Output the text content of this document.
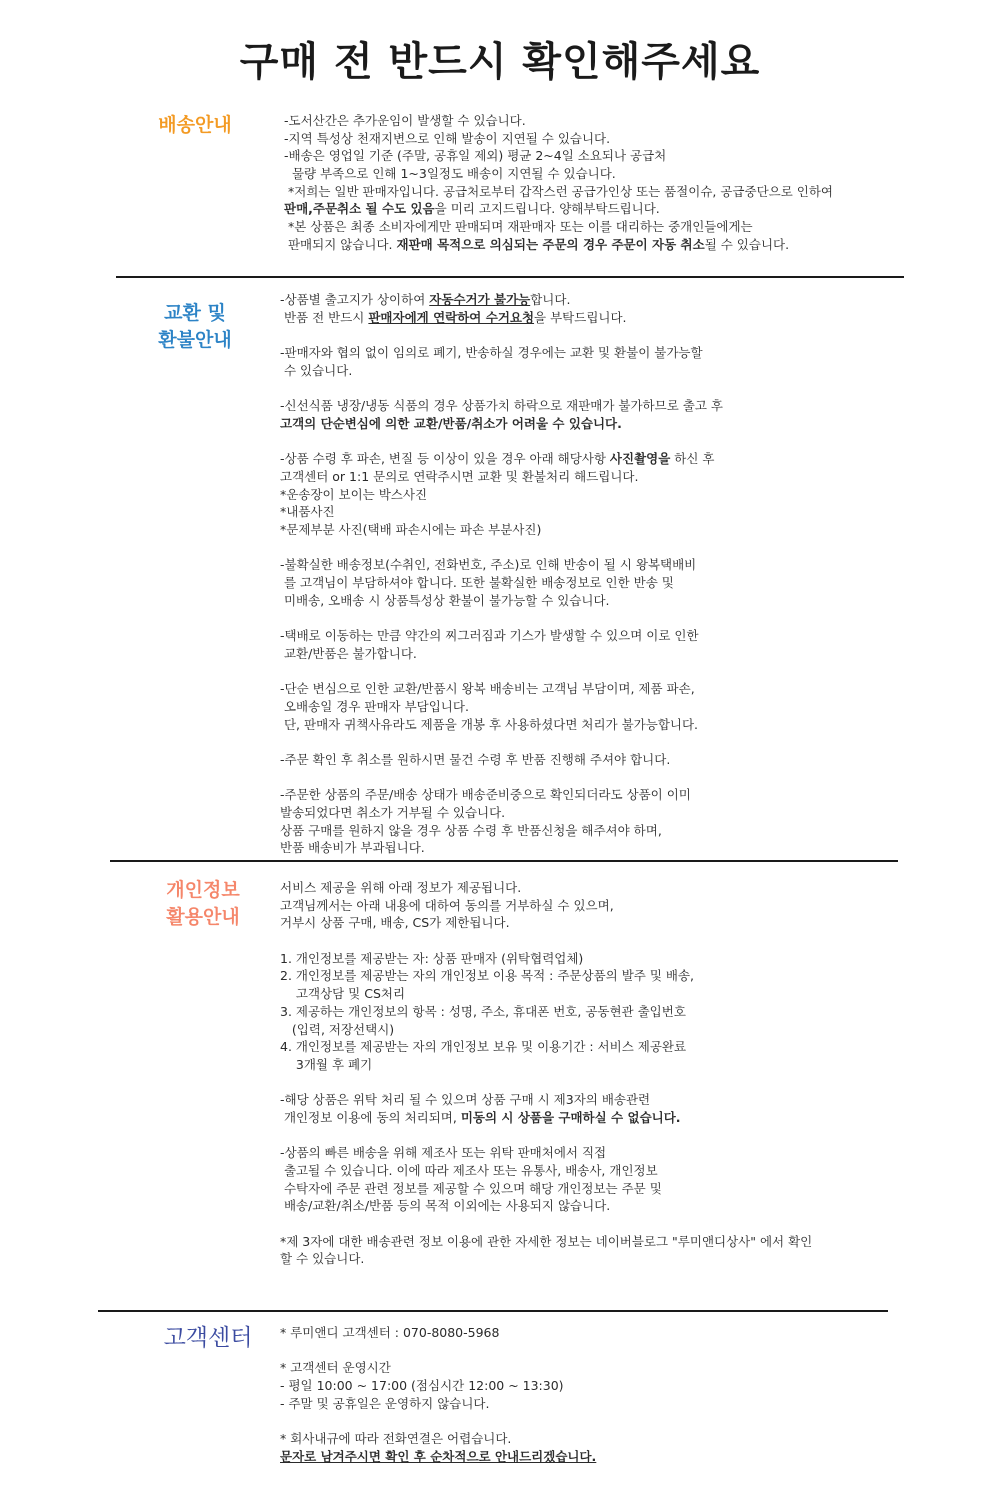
구매 전 반드시 확인해주세요
배송안내	-도서산간은 추가운임이 발생할 수 있습니다.
-지역 특성상 천재지변으로 인해 발송이 지연될 수 있습니다.
-배송은 영업일 기준 (주말, 공휴일 제외) 평균 2~4일 소요되나 공급처
물량 부족으로 인해 1~3일정도 배송이 지연될 수 있습니다.
*저희는 일반 판매자입니다. 공급처로부터 갑작스런 공급가인상 또는 품절이슈, 공급중단으로 인하여
판매,주문취소 될 수도 있음을 미리 고지드립니다. 양해부탁드립니다.
*본 상품은 최종 소비자에게만 판매되며 재판매자 또는 이를 대리하는 중개인들에게는
판매되지 않습니다. 재판매 목적으로 의심되는 주문의 경우 주문이 자동 취소될 수 있습니다.
교환 및
환불안내
-상품별 출고지가 상이하여 자동수거가 불가능합니다.
반품 전 반드시 판매자에게 연락하여 수거요청을 부탁드립니다.
-판매자와 협의 없이 임의로 폐기, 반송하실 경우에는 교환 및 환불이 불가능할
수 있습니다.
-신선식품 냉장/냉동 식품의 경우 상품가치 하락으로 재판매가 불가하므로 출고 후
고객의 단순변심에 의한 교환/반품/취소가 어려울 수 있습니다.
-상품 수령 후 파손, 변질 등 이상이 있을 경우 아래 해당사항 사진촬영을 하신 후
고객센터 or 1:1 문의로 연락주시면 교환 및 환불처리 해드립니다.
*운송장이 보이는 박스사진
*내품사진
*문제부분 사진(택배 파손시에는 파손 부분사진)
-불확실한 배송정보(수취인, 전화번호, 주소)로 인해 반송이 될 시 왕복택배비
를 고객님이 부담하셔야 합니다. 또한 불확실한 배송정보로 인한 반송 및
미배송, 오배송 시 상품특성상 환불이 불가능할 수 있습니다.
-택배로 이동하는 만큼 약간의 찌그러짐과 기스가 발생할 수 있으며 이로 인한
교환/반품은 불가합니다.
-단순 변심으로 인한 교환/반품시 왕복 배송비는 고객님 부담이며, 제품 파손,
오배송일 경우 판매자 부담입니다.
단, 판매자 귀책사유라도 제품을 개봉 후 사용하셨다면 처리가 불가능합니다.
-주문 확인 후 취소를 원하시면 물건 수령 후 반품 진행해 주셔야 합니다.
-주문한 상품의 주문/배송 상태가 배송준비중으로 확인되더라도 상품이 이미
발송되었다면 취소가 거부될 수 있습니다.
상품 구매를 원하지 않을 경우 상품 수령 후 반품신청을 해주셔야 하며,
반품 배송비가 부과됩니다.
개인정보
활용안내
서비스 제공을 위해 아래 정보가 제공됩니다.
고객님께서는 아래 내용에 대하여 동의를 거부하실 수 있으며,
거부시 상품 구매, 배송, CS가 제한됩니다.
1. 개인정보를 제공받는 자: 상품 판매자 (위탁협력업체)
2. 개인정보를 제공받는 자의 개인정보 이용 목적 : 주문상품의 발주 및 배송,
고객상담 및 CS처리
3. 제공하는 개인정보의 항목 : 성명, 주소, 휴대폰 번호, 공동현관 출입번호
(입력, 저장선택시)
4. 개인정보를 제공받는 자의 개인정보 보유 및 이용기간 : 서비스 제공완료
3개월 후 폐기
-해당 상품은 위탁 처리 될 수 있으며 상품 구매 시 제3자의 배송관련
개인정보 이용에 동의 처리되며, 미동의 시 상품을 구매하실 수 없습니다.
-상품의 빠른 배송을 위해 제조사 또는 위탁 판매처에서 직접
출고될 수 있습니다. 이에 따라 제조사 또는 유통사, 배송사, 개인정보
수탁자에 주문 관련 정보를 제공할 수 있으며 해당 개인정보는 주문 및
배송/교환/취소/반품 등의 목적 이외에는 사용되지 않습니다.
*제 3자에 대한 배송관련 정보 이용에 관한 자세한 정보는 네이버블로그 "루미앤디상사" 에서 확인
할 수 있습니다.
고객센터	* 루미앤디 고객센터 : 070-8080-5968
* 고객센터 운영시간
- 평일 10:00 ~ 17:00 (점심시간 12:00 ~ 13:30)
- 주말 및 공휴일은 운영하지 않습니다.
* 회사내규에 따라 전화연결은 어렵습니다.
문자로 남겨주시면 확인 후 순차적으로 안내드리겠습니다.
